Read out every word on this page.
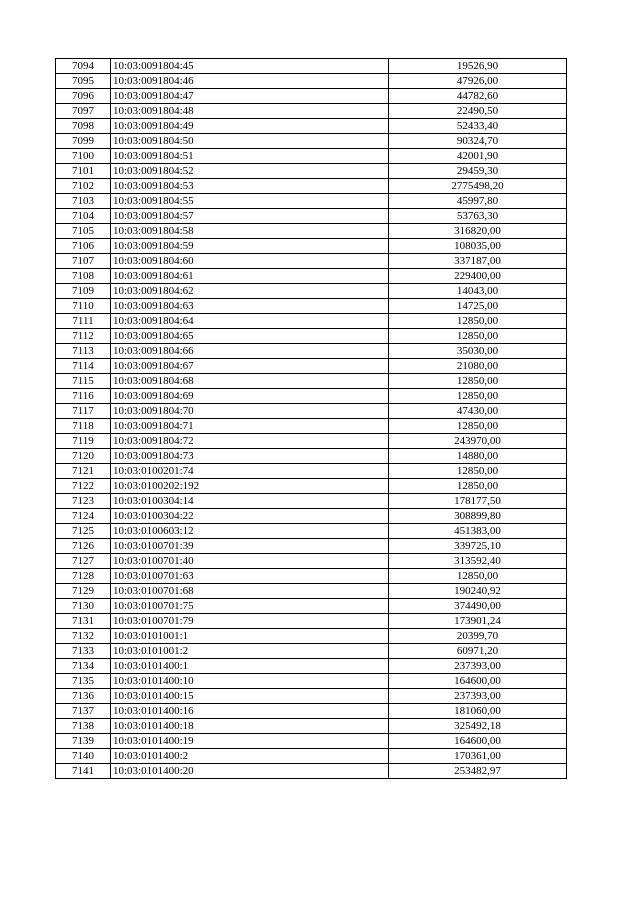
7094	10:03:0091804:45	19526,90
7095	10:03:0091804:46	47926,00
7096	10:03:0091804:47	44782,60
7097	10:03:0091804:48	22490,50
7098	10:03:0091804:49	52433,40
7099	10:03:0091804:50	90324,70
7100	10:03:0091804:51	42001,90
7101	10:03:0091804:52	29459,30
7102	10:03:0091804:53	2775498,20
7103	10:03:0091804:55	45997,80
7104	10:03:0091804:57	53763,30
7105	10:03:0091804:58	316820,00
7106	10:03:0091804:59	108035,00
7107	10:03:0091804:60	337187,00
7108	10:03:0091804:61	229400,00
7109	10:03:0091804:62	14043,00
7110	10:03:0091804:63	14725,00
7111	10:03:0091804:64	12850,00
7112	10:03:0091804:65	12850,00
7113	10:03:0091804:66	35030,00
7114	10:03:0091804:67	21080,00
7115	10:03:0091804:68	12850,00
7116	10:03:0091804:69	12850,00
7117	10:03:0091804:70	47430,00
7118	10:03:0091804:71	12850,00
7119	10:03:0091804:72	243970,00
7120	10:03:0091804:73	14880,00
7121	10:03:0100201:74	12850,00
7122	10:03:0100202:192	12850,00
7123	10:03:0100304:14	178177,50
7124	10:03:0100304:22	308899,80
7125	10:03:0100603:12	451383,00
7126	10:03:0100701:39	339725,10
7127	10:03:0100701:40	313592,40
7128	10:03:0100701:63	12850,00
7129	10:03:0100701:68	190240,92
7130	10:03:0100701:75	374490,00
7131	10:03:0100701:79	173901,24
7132	10:03:0101001:1	20399,70
7133	10:03:0101001:2	60971,20
7134	10:03:0101400:1	237393,00
7135	10:03:0101400:10	164600,00
7136	10:03:0101400:15	237393,00
7137	10:03:0101400:16	181060,00
7138	10:03:0101400:18	325492,18
7139	10:03:0101400:19	164600,00
7140	10:03:0101400:2	170361,00
7141	10:03:0101400:20	253482,97
